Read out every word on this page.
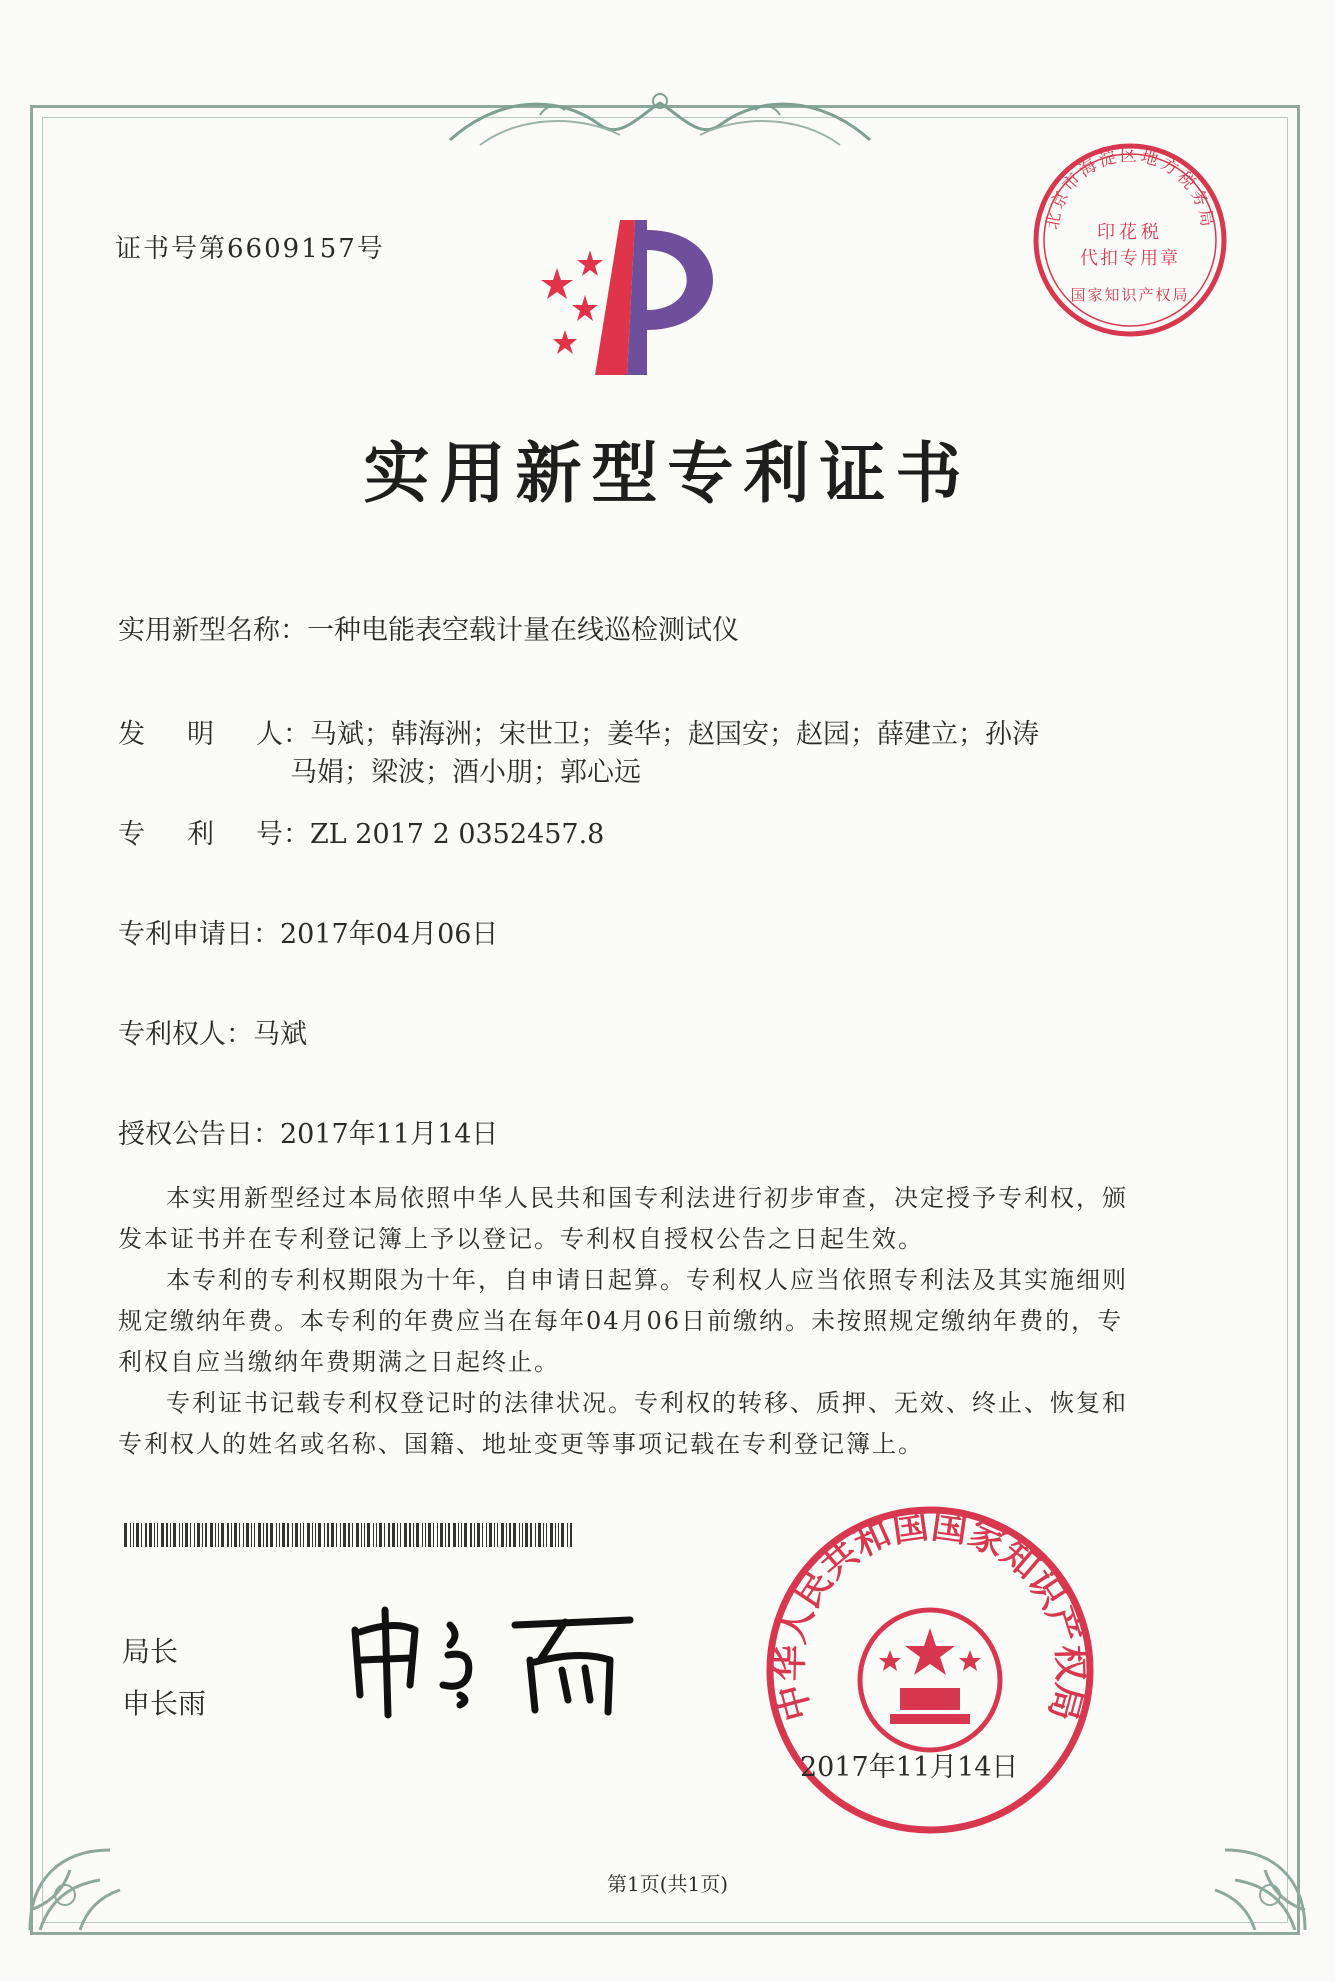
证书号第6609157号
北京市海淀区地方税务局
印花税
代扣专用章
国家知识产权局
实用新型专利证书
实用新型名称：一种电能表空载计量在线巡检测试仪
发 明 人 ：马斌；韩海洲；宋世卫；姜华；赵国安；赵园；薛建立；孙涛
马娟；梁波；酒小朋；郭心远
专 利 号 ：ZL 2017 2 0352457.8
专利申请日：2017年04月06日
专利权人：马斌
授权公告日：2017年11月14日

本实用新型经过本局依照中华人民共和国专利法进行初步审查，决定授予专利权，颁发本证书并在专利登记簿上予以登记。专利权自授权公告之日起生效。

本专利的专利权期限为十年，自申请日起算。专利权人应当依照专利法及其实施细则规定缴纳年费。本专利的年费应当在每年04月06日前缴纳。未按照规定缴纳年费的，专利权自应当缴纳年费期满之日起终止。

专利证书记载专利权登记时的法律状况。专利权的转移、质押、无效、终止、恢复和专利权人的姓名或名称、国籍、地址变更等事项记载在专利登记簿上。

局长
申长雨	中华人民共和国国家知识产权局
2017年11月14日
第1页(共1页)
